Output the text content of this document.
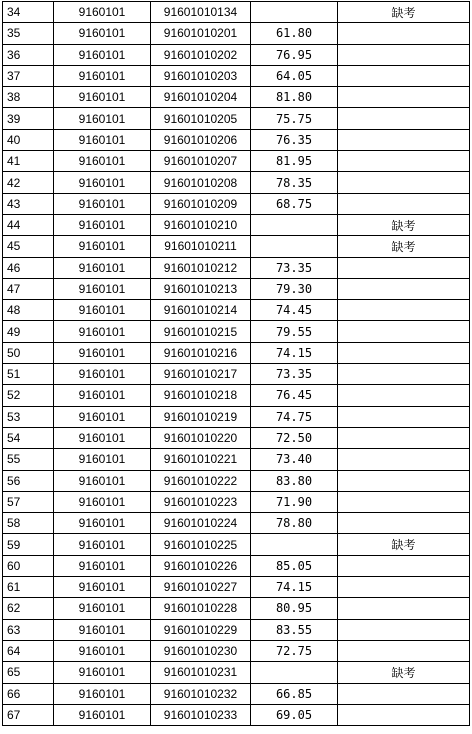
34	9160101	91601010134		缺考
35	9160101	91601010201	61.80	
36	9160101	91601010202	76.95	
37	9160101	91601010203	64.05	
38	9160101	91601010204	81.80	
39	9160101	91601010205	75.75	
40	9160101	91601010206	76.35	
41	9160101	91601010207	81.95	
42	9160101	91601010208	78.35	
43	9160101	91601010209	68.75	
44	9160101	91601010210		缺考
45	9160101	91601010211		缺考
46	9160101	91601010212	73.35	
47	9160101	91601010213	79.30	
48	9160101	91601010214	74.45	
49	9160101	91601010215	79.55	
50	9160101	91601010216	74.15	
51	9160101	91601010217	73.35	
52	9160101	91601010218	76.45	
53	9160101	91601010219	74.75	
54	9160101	91601010220	72.50	
55	9160101	91601010221	73.40	
56	9160101	91601010222	83.80	
57	9160101	91601010223	71.90	
58	9160101	91601010224	78.80	
59	9160101	91601010225		缺考
60	9160101	91601010226	85.05	
61	9160101	91601010227	74.15	
62	9160101	91601010228	80.95	
63	9160101	91601010229	83.55	
64	9160101	91601010230	72.75	
65	9160101	91601010231		缺考
66	9160101	91601010232	66.85	
67	9160101	91601010233	69.05	
